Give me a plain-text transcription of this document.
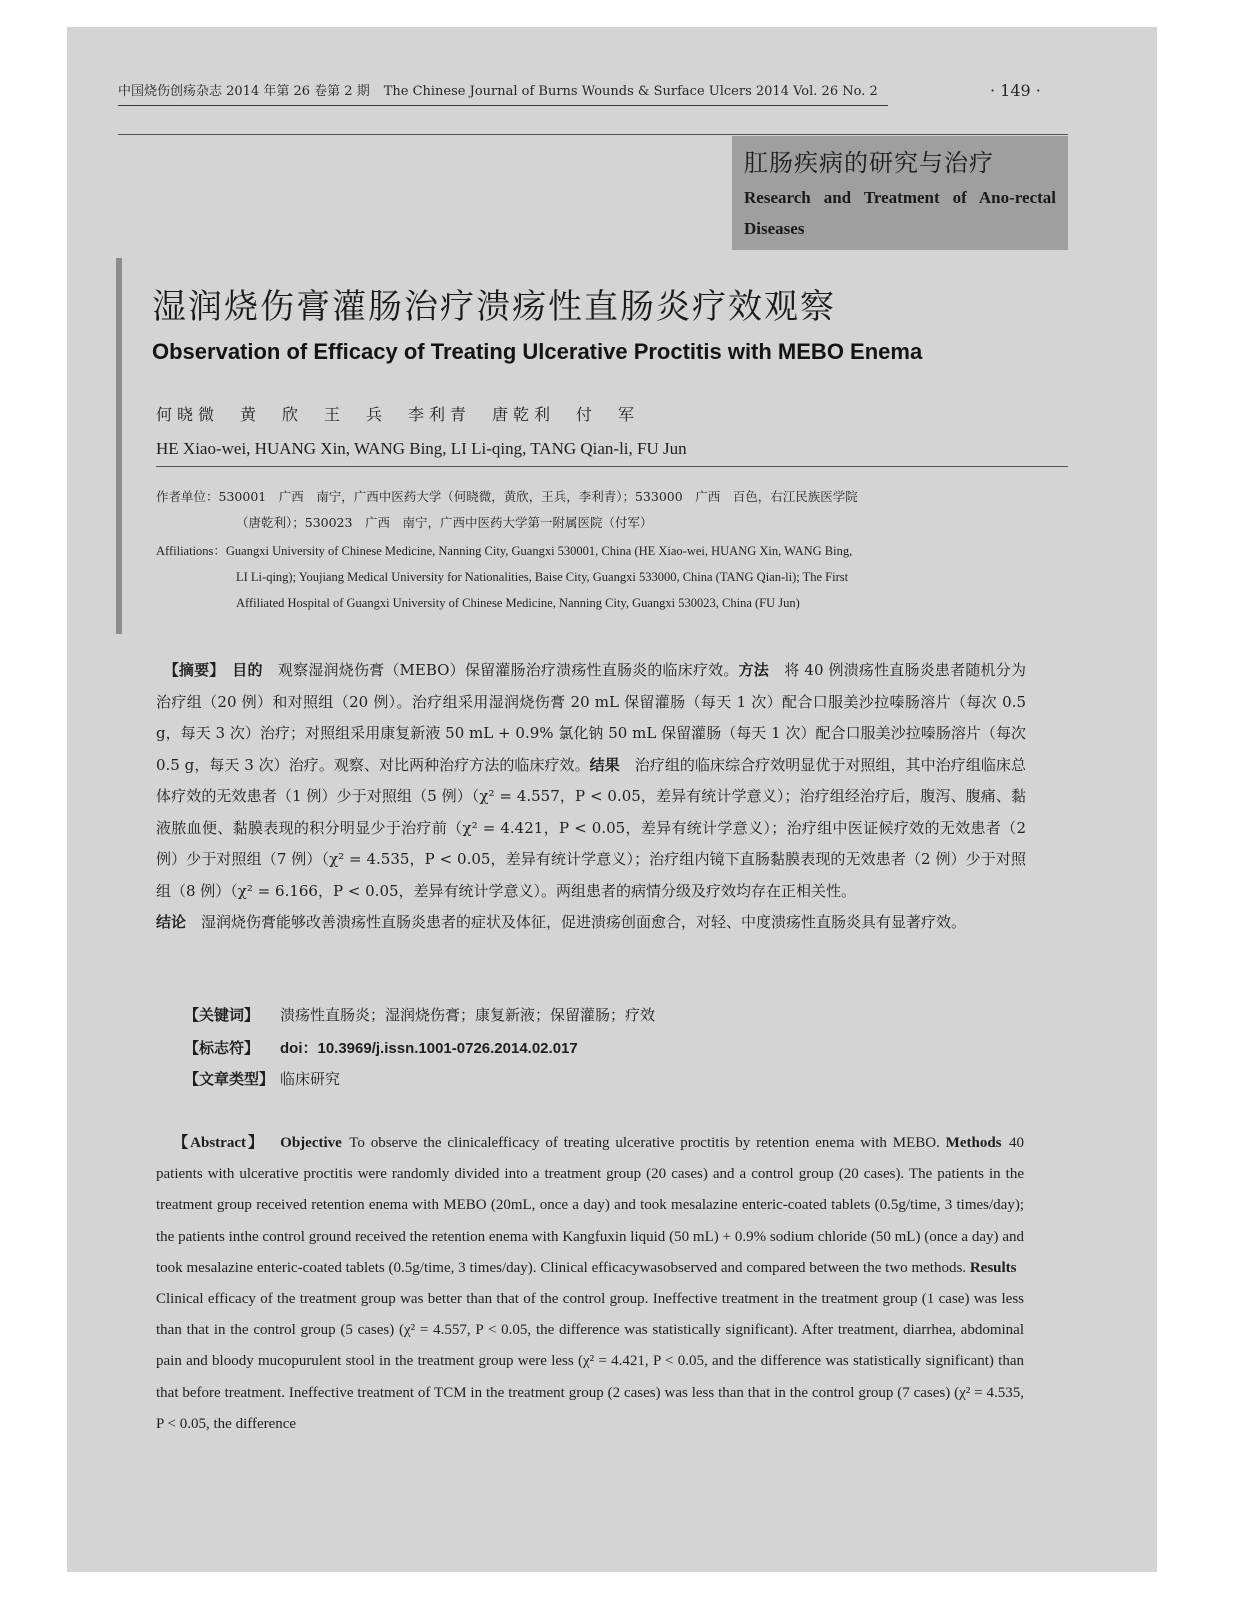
中国烧伤创疡杂志 2014 年第 26 卷第 2 期 The Chinese Journal of Burns Wounds & Surface Ulcers 2014 Vol. 26 No. 2	· 149 ·
肛肠疾病的研究与治疗
Research and Treatment of Ano-rectal Diseases
湿润烧伤膏灌肠治疗溃疡性直肠炎疗效观察
Observation of Efficacy of Treating Ulcerative Proctitis with MEBO Enema
何晓微　黄　欣　王　兵　李利青　唐乾利　付　军
HE Xiao-wei, HUANG Xin, WANG Bing, LI Li-qing, TANG Qian-li, FU Jun
作者单位：530001　广西　南宁，广西中医药大学（何晓微，黄欣，王兵，李利青）；533000　广西　百色，右江民族医学院
（唐乾利）；530023　广西　南宁，广西中医药大学第一附属医院（付军）
Affiliations：Guangxi University of Chinese Medicine, Nanning City, Guangxi 530001, China (HE Xiao-wei, HUANG Xin, WANG Bing,
LI Li-qing); Youjiang Medical University for Nationalities, Baise City, Guangxi 533000, China (TANG Qian-li); The First
Affiliated Hospital of Guangxi University of Chinese Medicine, Nanning City, Guangxi 530023, China (FU Jun)
　【摘要】　 目的　 观察湿润烧伤膏（MEBO）保留灌肠治疗溃疡性直肠炎的临床疗效。方法　 将 40 例溃疡性直肠炎患者随机分为治疗组（20 例）和对照组（20 例）。治疗组采用湿润烧伤膏 20 mL 保留灌肠（每天 1 次）配合口服美沙拉嗪肠溶片（每次 0.5 g，每天 3 次）治疗；对照组采用康复新液 50 mL + 0.9% 氯化钠 50 mL 保留灌肠（每天 1 次）配合口服美沙拉嗪肠溶片（每次 0.5 g，每天 3 次）治疗。观察、对比两种治疗方法的临床疗效。结果　 治疗组的临床综合疗效明显优于对照组，其中治疗组临床总体疗效的无效患者（1 例）少于对照组（5 例）（χ² = 4.557，P < 0.05，差异有统计学意义）；治疗组经治疗后，腹泻、腹痛、黏液脓血便、黏膜表现的积分明显少于治疗前（χ² = 4.421，P < 0.05，差异有统计学意义）；治疗组中医证候疗效的无效患者（2 例）少于对照组（7 例）（χ² = 4.535，P < 0.05，差异有统计学意义）；治疗组内镜下直肠黏膜表现的无效患者（2 例）少于对照组（8 例）（χ² = 6.166，P < 0.05，差异有统计学意义）。两组患者的病情分级及疗效均存在正相关性。
结论　 湿润烧伤膏能够改善溃疡性直肠炎患者的症状及体征，促进溃疡创面愈合，对轻、中度溃疡性直肠炎具有显著疗效。
【关键词】 溃疡性直肠炎；湿润烧伤膏；康复新液；保留灌肠；疗效
【标志符】 doi：10.3969/j.issn.1001-0726.2014.02.017
【文章类型】 临床研究
 【Abstract】  Objective  To observe the clinicalefficacy of treating ulcerative proctitis by retention enema with MEBO. Methods  40 patients with ulcerative proctitis were randomly divided into a treatment group (20 cases) and a control group (20 cases). The patients in the treatment group received retention enema with MEBO (20mL, once a day) and took mesalazine enteric-coated tablets (0.5g/time, 3 times/day); the patients inthe control ground received the retention enema with Kangfuxin liquid (50 mL) + 0.9% sodium chloride (50 mL) (once a day) and took mesalazine enteric-coated tablets (0.5g/time, 3 times/day). Clinical efficacywasobserved and compared between the two methods. Results Clinical efficacy of the treatment group was better than that of the control group. Ineffective treatment in the treatment group (1 case) was less than that in the control group (5 cases) (χ² = 4.557, P < 0.05, the difference was statistically significant). After treatment, diarrhea, abdominal pain and bloody mucopurulent stool in the treatment group were less (χ² = 4.421, P < 0.05, and the difference was statistically significant) than that before treatment. Ineffective treatment of TCM in the treatment group (2 cases) was less than that in the control group (7 cases) (χ² = 4.535, P < 0.05, the difference
